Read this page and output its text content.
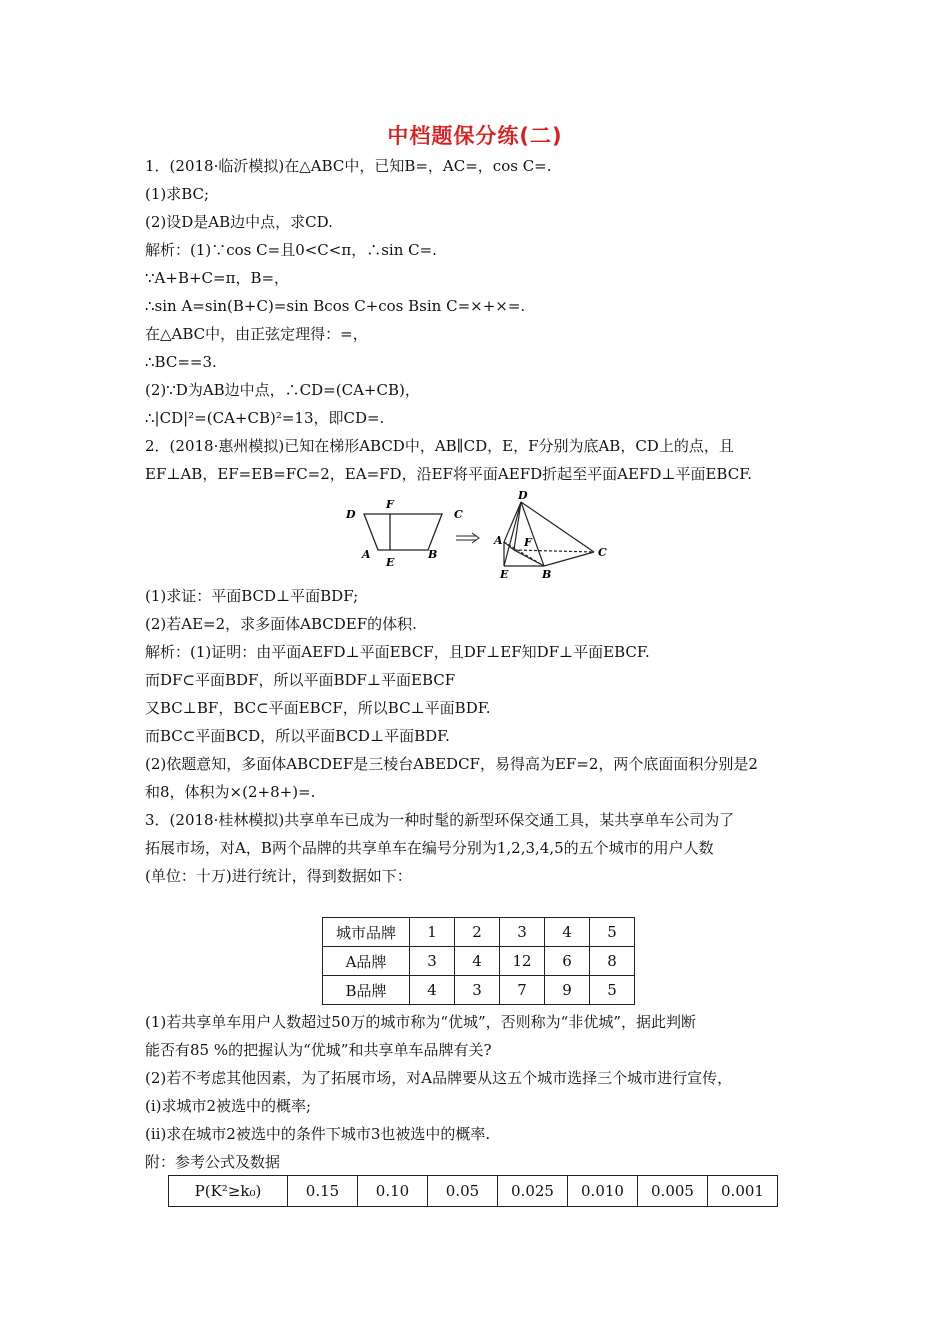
中档题保分练(二)
1．(2018·临沂模拟)在△ABC中，已知B=，AC=，cos C=.
(1)求BC;
(2)设D是AB边中点，求CD.
解析：(1)∵cos C=且0<C<π，∴sin C=.
∵A+B+C=π，B=，
∴sin A=sin(B+C)=sin Bcos C+cos Bsin C=×+×=.
在△ABC中，由正弦定理得：=，
∴BC==3.
(2)∵D为AB边中点，∴CD=(CA+CB)，
∴|CD|²=(CA+CB)²=13，即CD=.
2．(2018·惠州模拟)已知在梯形ABCD中，AB∥CD，E，F分别为底AB，CD上的点，且
EF⊥AB，EF=EB=FC=2，EA=FD，沿EF将平面AEFD折起至平面AEFD⊥平面EBCF.
D
F
C
A
E
B
D
A F
C
E	B
(1)求证：平面BCD⊥平面BDF;
(2)若AE=2，求多面体ABCDEF的体积.
解析：(1)证明：由平面AEFD⊥平面EBCF，且DF⊥EF知DF⊥平面EBCF.
而DF⊂平面BDF，所以平面BDF⊥平面EBCF
又BC⊥BF，BC⊂平面EBCF，所以BC⊥平面BDF.
而BC⊂平面BCD，所以平面BCD⊥平面BDF.
(2)依题意知，多面体ABCDEF是三棱台ABEDCF，易得高为EF=2，两个底面面积分别是2
和8，体积为×(2+8+)=.
3．(2018·桂林模拟)共享单车已成为一种时髦的新型环保交通工具，某共享单车公司为了
拓展市场，对A，B两个品牌的共享单车在编号分别为1,2,3,4,5的五个城市的用户人数
(单位：十万)进行统计，得到数据如下：
城市品牌	1	2	3	4	5
A品牌	3	4	12	6	8
B品牌	4	3	7	9	5
(1)若共享单车用户人数超过50万的城市称为“优城”，否则称为“非优城”，据此判断
能否有85 %的把握认为“优城”和共享单车品牌有关?
(2)若不考虑其他因素，为了拓展市场，对A品牌要从这五个城市选择三个城市进行宣传，
(ⅰ)求城市2被选中的概率;
(ⅱ)求在城市2被选中的条件下城市3也被选中的概率.
附：参考公式及数据
P(K²≥k₀)	0.15	0.10	0.05	0.025	0.010	0.005	0.001
